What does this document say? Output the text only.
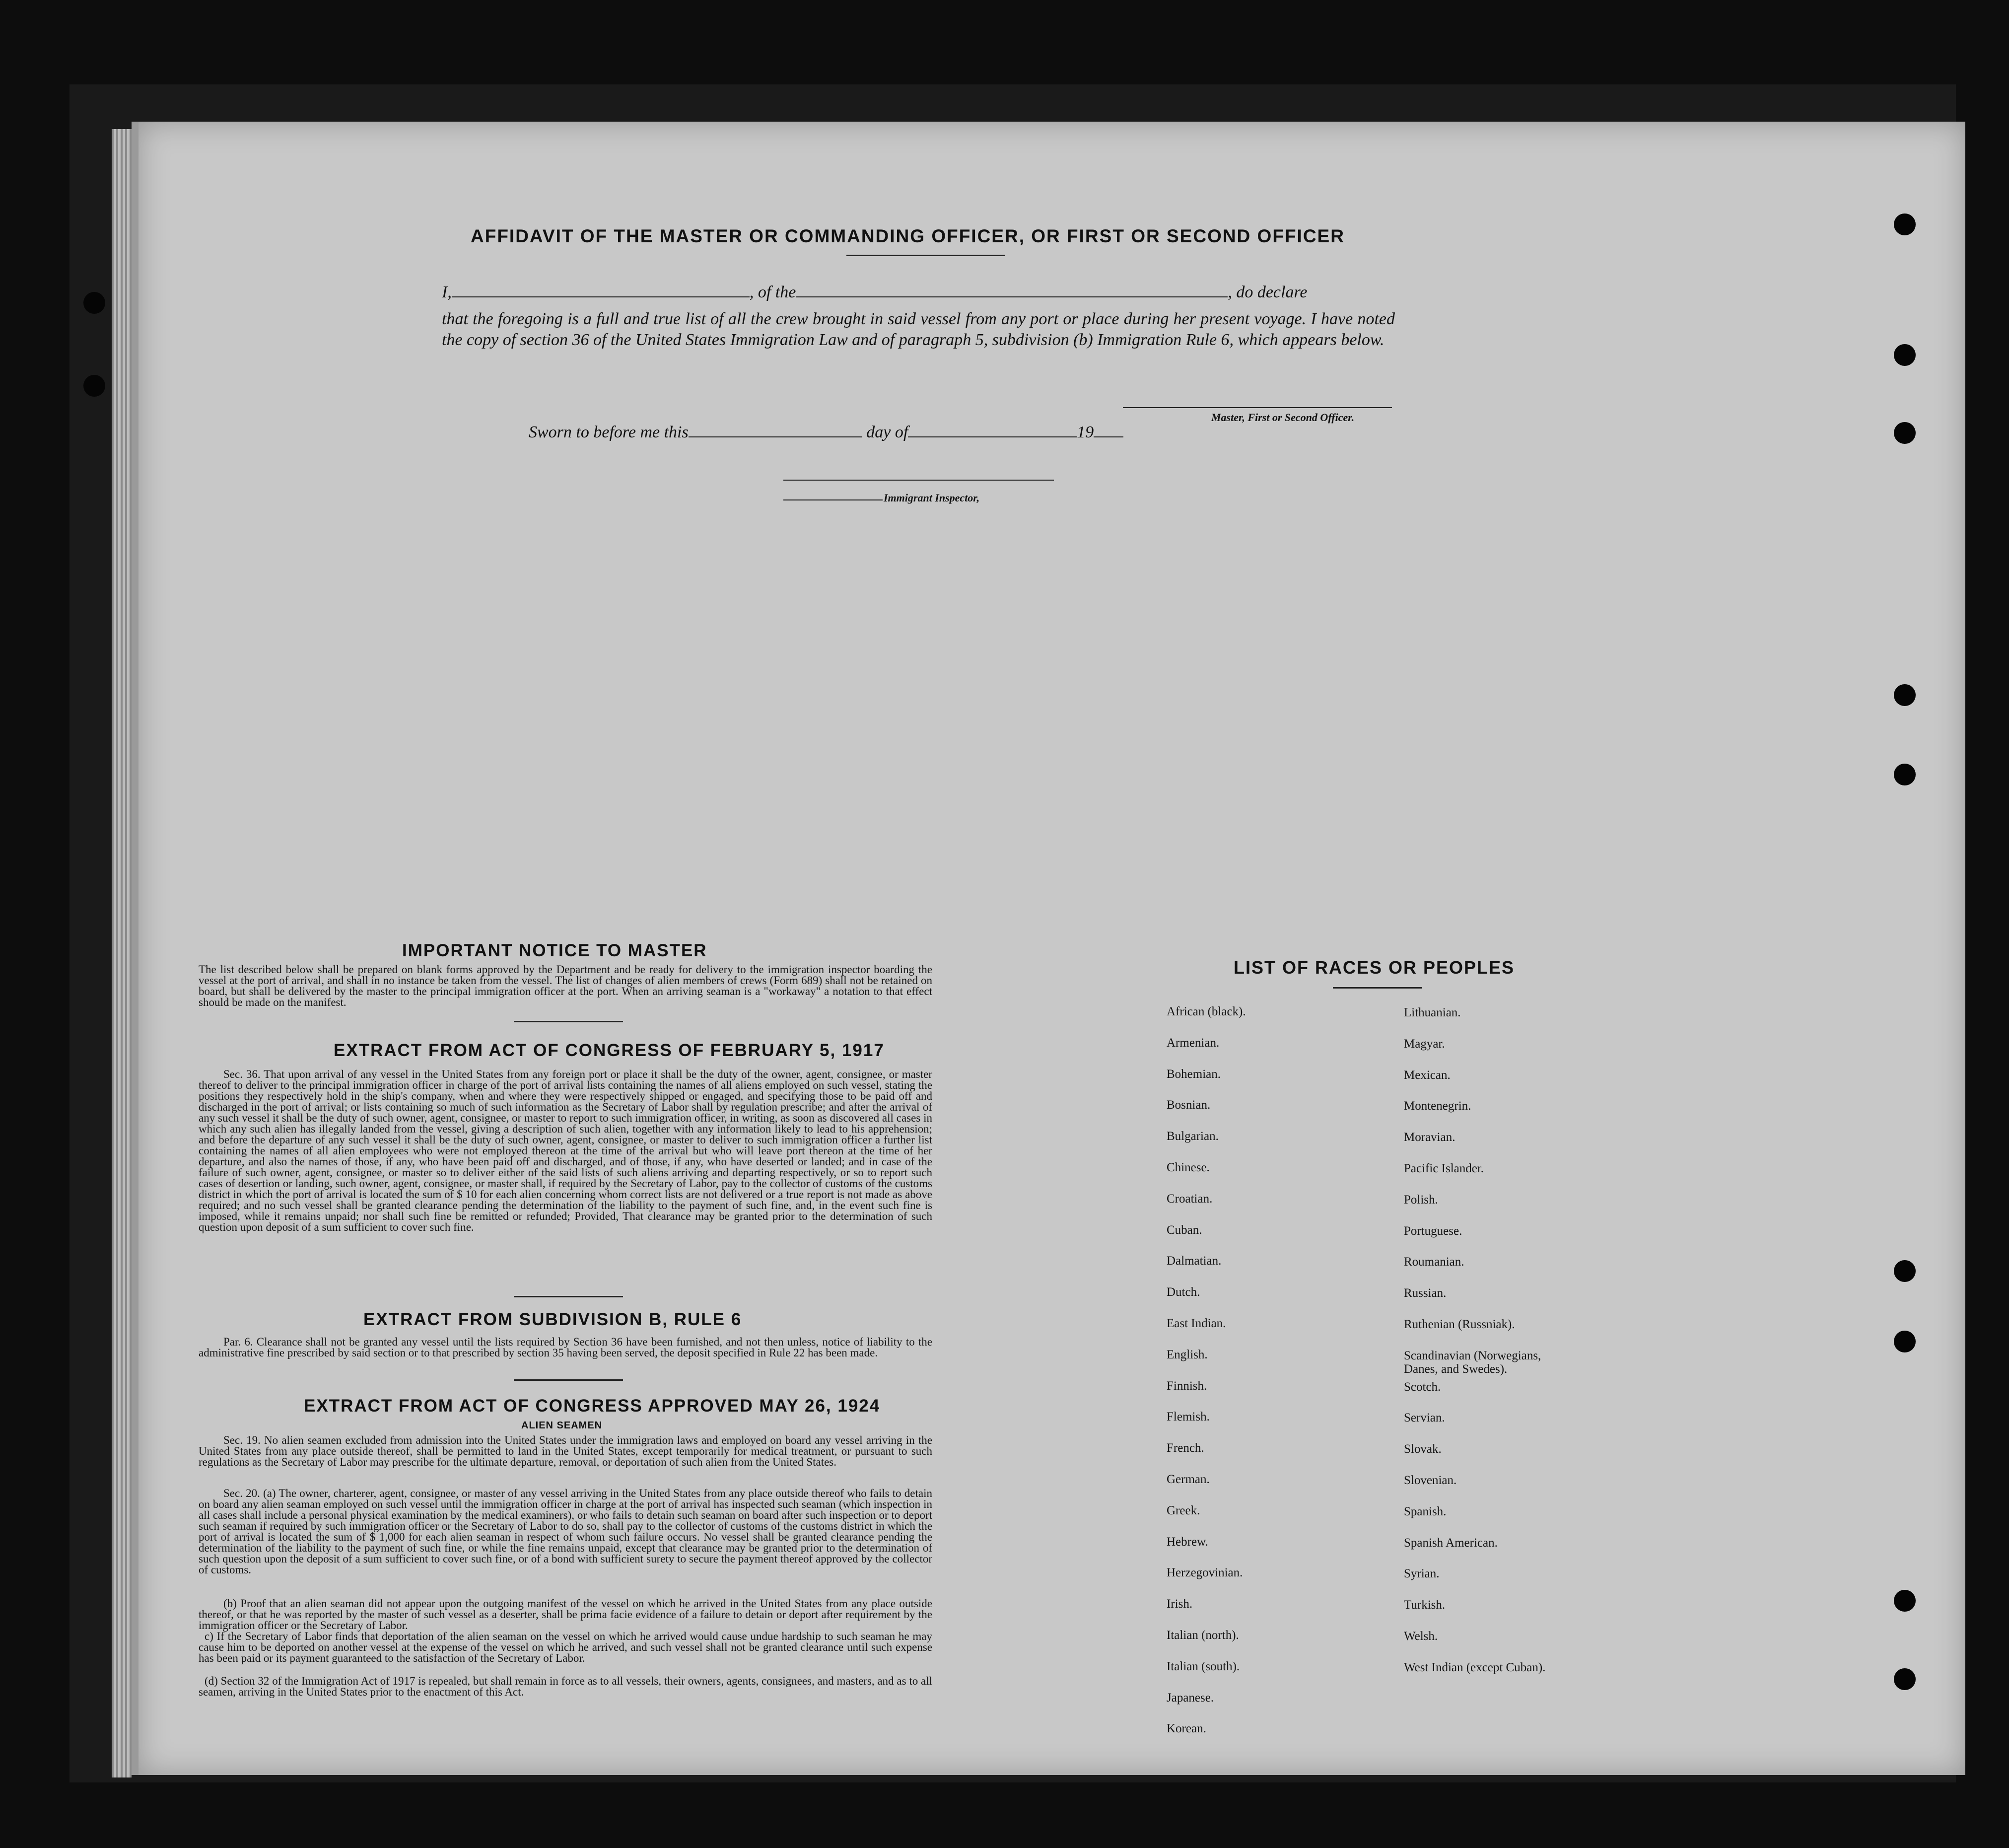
AFFIDAVIT OF THE MASTER OR COMMANDING OFFICER, OR FIRST OR SECOND OFFICER
I,	, of the	, do declare
that the foregoing is a full and true list of all the crew brought in said vessel from any port or place during her present voyage. I have noted the copy of section 36 of the United States Immigration Law and of paragraph 5, subdivision (b) Immigration Rule 6, which appears below.
Master, First or Second Officer.
Sworn to before me this	day of	19
Immigrant Inspector,
IMPORTANT NOTICE TO MASTER
The list described below shall be prepared on blank forms approved by the Department and be ready for delivery to the immigration inspector boarding the vessel at the port of arrival, and shall in no instance be taken from the vessel. The list of changes of alien members of crews (Form 689) shall not be retained on board, but shall be delivered by the master to the principal immigration officer at the port. When an arriving seaman is a "workaway" a notation to that effect should be made on the manifest.
EXTRACT FROM ACT OF CONGRESS OF FEBRUARY 5, 1917
Sec. 36. That upon arrival of any vessel in the United States from any foreign port or place it shall be the duty of the owner, agent, consignee, or master thereof to deliver to the principal immigration officer in charge of the port of arrival lists containing the names of all aliens employed on such vessel, stating the positions they respectively hold in the ship's company, when and where they were respectively shipped or engaged, and specifying those to be paid off and discharged in the port of arrival; or lists containing so much of such information as the Secretary of Labor shall by regulation prescribe; and after the arrival of any such vessel it shall be the duty of such owner, agent, consignee, or master to report to such immigration officer, in writing, as soon as discovered all cases in which any such alien has illegally landed from the vessel, giving a description of such alien, together with any information likely to lead to his apprehension; and before the departure of any such vessel it shall be the duty of such owner, agent, consignee, or master to deliver to such immigration officer a further list containing the names of all alien employees who were not employed thereon at the time of the arrival but who will leave port thereon at the time of her departure, and also the names of those, if any, who have been paid off and discharged, and of those, if any, who have deserted or landed; and in case of the failure of such owner, agent, consignee, or master so to deliver either of the said lists of such aliens arriving and departing respectively, or so to report such cases of desertion or landing, such owner, agent, consignee, or master shall, if required by the Secretary of Labor, pay to the collector of customs of the customs district in which the port of arrival is located the sum of $ 10 for each alien concerning whom correct lists are not delivered or a true report is not made as above required; and no such vessel shall be granted clearance pending the determination of the liability to the payment of such fine, and, in the event such fine is imposed, while it remains unpaid; nor shall such fine be remitted or refunded; Provided, That clearance may be granted prior to the determination of such question upon deposit of a sum sufficient to cover such fine.
EXTRACT FROM SUBDIVISION B, RULE 6
Par. 6. Clearance shall not be granted any vessel until the lists required by Section 36 have been furnished, and not then unless, notice of liability to the administrative fine prescribed by said section or to that prescribed by section 35 having been served, the deposit specified in Rule 22 has been made.
EXTRACT FROM ACT OF CONGRESS APPROVED MAY 26, 1924
ALIEN SEAMEN
Sec. 19. No alien seamen excluded from admission into the United States under the immigration laws and employed on board any vessel arriving in the United States from any place outside thereof, shall be permitted to land in the United States, except temporarily for medical treatment, or pursuant to such regulations as the Secretary of Labor may prescribe for the ultimate departure, removal, or deportation of such alien from the United States.
Sec. 20. (a) The owner, charterer, agent, consignee, or master of any vessel arriving in the United States from any place outside thereof who fails to detain on board any alien seaman employed on such vessel until the immigration officer in charge at the port of arrival has inspected such seaman (which inspection in all cases shall include a personal physical examination by the medical examiners), or who fails to detain such seaman on board after such inspection or to deport such seaman if required by such immigration officer or the Secretary of Labor to do so, shall pay to the collector of customs of the customs district in which the port of arrival is located the sum of $ 1,000 for each alien seaman in respect of whom such failure occurs. No vessel shall be granted clearance pending the determination of the liability to the payment of such fine, or while the fine remains unpaid, except that clearance may be granted prior to the determination of such question upon the deposit of a sum sufficient to cover such fine, or of a bond with sufficient surety to secure the payment thereof approved by the collector of customs.
(b) Proof that an alien seaman did not appear upon the outgoing manifest of the vessel on which he arrived in the United States from any place outside thereof, or that he was reported by the master of such vessel as a deserter, shall be prima facie evidence of a failure to detain or deport after requirement by the immigration officer or the Secretary of Labor.
c) If the Secretary of Labor finds that deportation of the alien seaman on the vessel on which he arrived would cause undue hardship to such seaman he may cause him to be deported on another vessel at the expense of the vessel on which he arrived, and such vessel shall not be granted clearance until such expense has been paid or its payment guaranteed to the satisfaction of the Secretary of Labor.
(d) Section 32 of the Immigration Act of 1917 is repealed, but shall remain in force as to all vessels, their owners, agents, consignees, and masters, and as to all seamen, arriving in the United States prior to the enactment of this Act.
LIST OF RACES OR PEOPLES
African (black).
Armenian.
Bohemian.
Bosnian.
Bulgarian.
Chinese.
Croatian.
Cuban.
Dalmatian.
Dutch.
East Indian.
English.
Finnish.
Flemish.
French.
German.
Greek.
Hebrew.
Herzegovinian.
Irish.
Italian (north).
Italian (south).
Japanese.
Korean.
Lithuanian.
Magyar.
Mexican.
Montenegrin.
Moravian.
Pacific Islander.
Polish.
Portuguese.
Roumanian.
Russian.
Ruthenian (Russniak).
Scandinavian (Norwegians,
Danes, and Swedes).
Scotch.
Servian.
Slovak.
Slovenian.
Spanish.
Spanish American.
Syrian.
Turkish.
Welsh.
West Indian (except Cuban).
